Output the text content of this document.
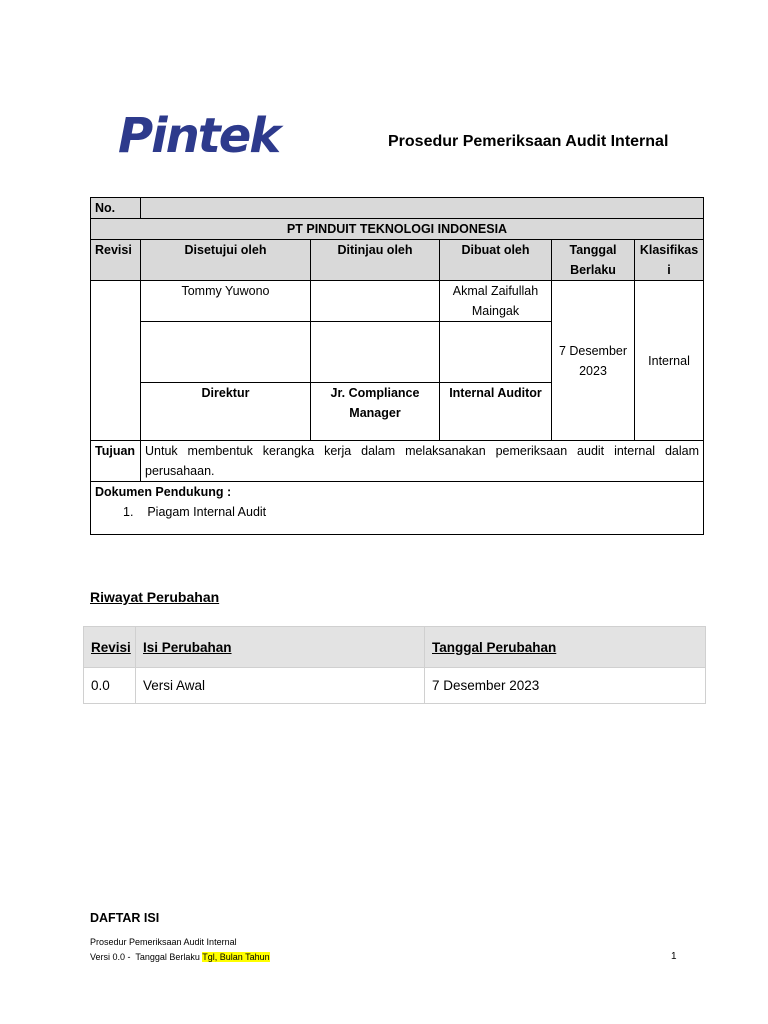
Pintek	Prosedur Pemeriksaan Audit Internal
No.					
PT PINDUIT TEKNOLOGI INDONESIA					
Revisi	Disetujui oleh	Ditinjau oleh	Dibuat oleh	Tanggal Berlaku	Klasifikasi
	Tommy Yuwono		Akmal Zaifullah Maingak	7 Desember 2023	Internal

	Direktur	Jr. Compliance Manager	Internal Auditor		
Tujuan	Untuk membentuk kerangka kerja dalam melaksanakan pemeriksaan audit internal dalam perusahaan.				

Dokumen Pendukung :
1.    Piagam Internal Audit					
Riwayat Perubahan
Revisi	Isi Perubahan	Tanggal Perubahan
0.0	Versi Awal	7 Desember 2023
DAFTAR ISI
Prosedur Pemeriksaan Audit Internal
Versi 0.0 -  Tanggal Berlaku Tgl, Bulan Tahun	1
